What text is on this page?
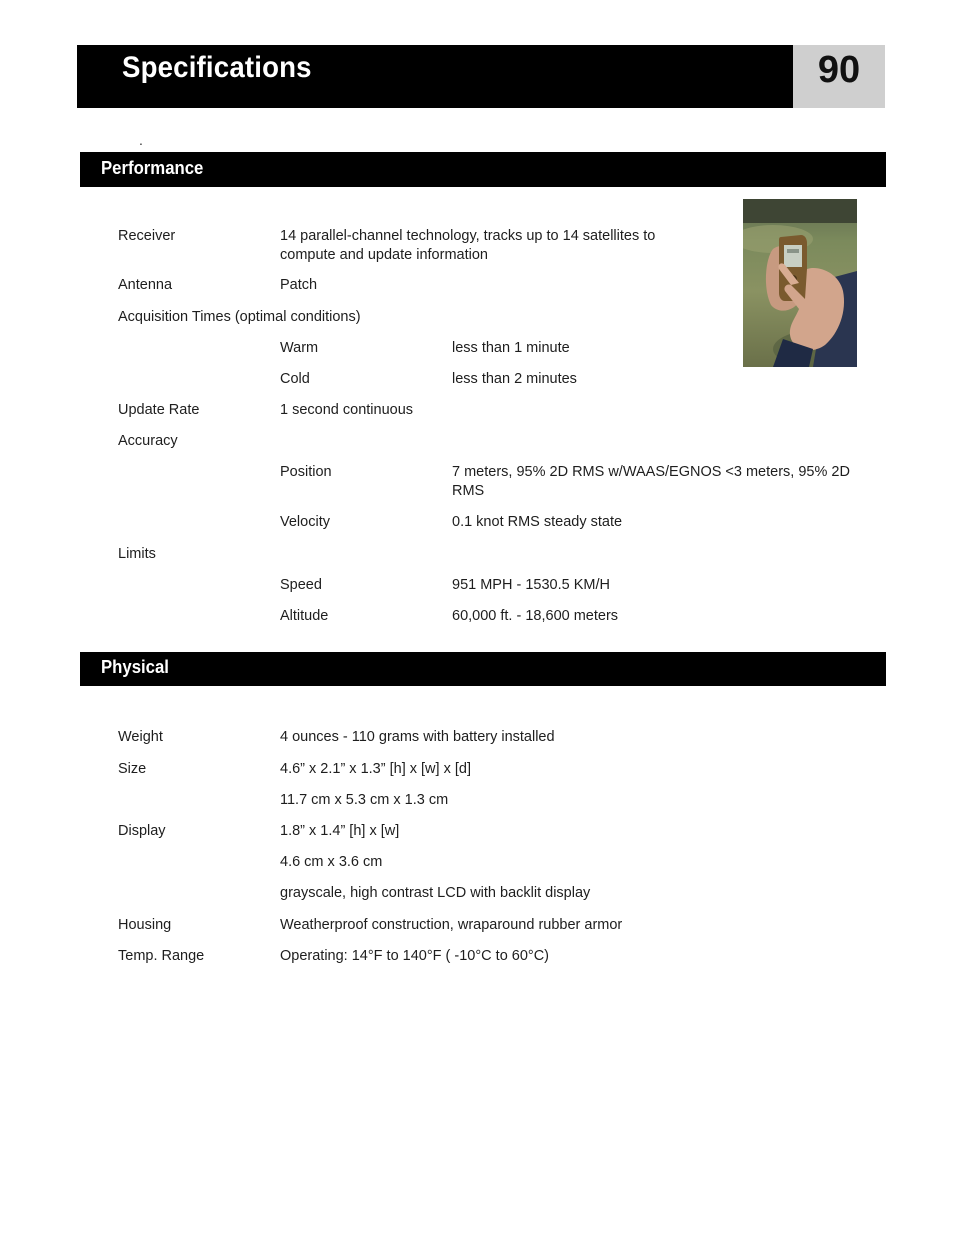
Specifications	90
.
Performance
Receiver	14 parallel-channel technology, tracks up to 14 satellites to compute and update information
Antenna	Patch
Acquisition Times (optimal conditions)
Warm	less than 1 minute
Cold	less than 2 minutes
Update Rate	1 second continuous
Accuracy
Position	7 meters, 95% 2D RMS w/WAAS/EGNOS <3 meters, 95% 2D RMS
Velocity	0.1 knot RMS steady state
Limits
Speed	951 MPH - 1530.5 KM/H
Altitude	60,000 ft. - 18,600 meters
Physical
Weight	4 ounces - 110 grams with battery installed
Size	4.6” x 2.1” x 1.3” [h] x [w] x [d]
11.7 cm x 5.3 cm x 1.3 cm
Display	1.8” x 1.4” [h] x [w]
4.6 cm x 3.6 cm
grayscale, high contrast LCD with backlit display
Housing	Weatherproof construction, wraparound rubber armor
Temp. Range	Operating: 14°F to 140°F ( -10°C to 60°C)
